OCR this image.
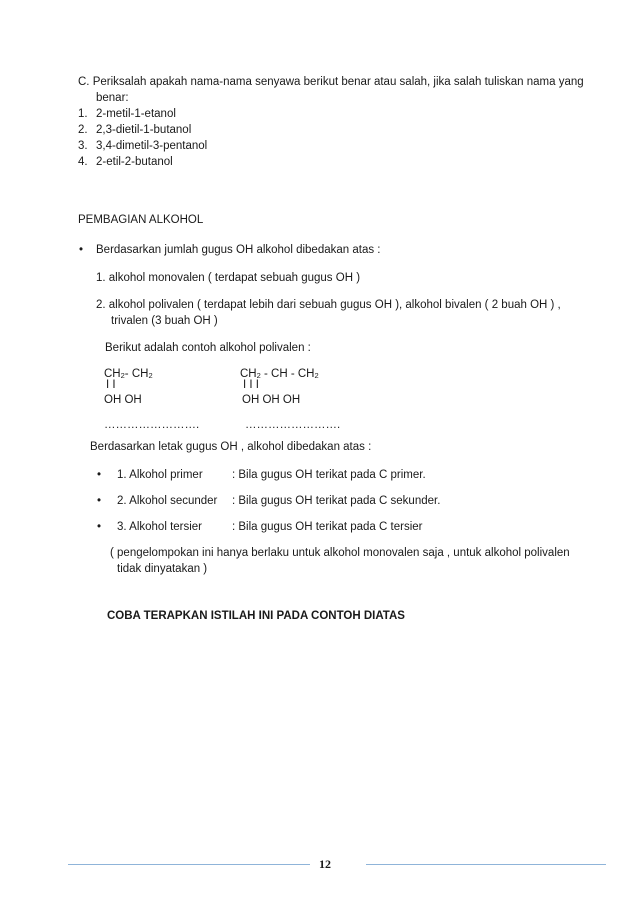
C. Periksalah apakah nama-nama senyawa berikut benar atau salah, jika salah tuliskan nama yang
benar:
1. 2-metil-1-etanol
2. 2,3-dietil-1-butanol
3. 3,4-dimetil-3-pentanol
4. 2-etil-2-butanol
PEMBAGIAN ALKOHOL
• Berdasarkan jumlah gugus OH alkohol dibedakan atas :
1. alkohol monovalen ( terdapat sebuah gugus OH )
2. alkohol polivalen ( terdapat lebih dari sebuah gugus OH ), alkohol bivalen ( 2 buah OH ) ,
trivalen (3 buah OH )
Berikut adalah contoh alkohol polivalen :
CH2- CH2
I I
OH OH
…………………….
CH2 - CH - CH2
I I I
OH OH OH
…………………….
Berdasarkan letak gugus OH , alkohol dibedakan atas :
• 1. Alkohol primer	: Bila gugus OH terikat pada C primer.
• 2. Alkohol secunder : Bila gugus OH terikat pada C sekunder.
• 3. Alkohol tersier	: Bila gugus OH terikat pada C tersier
( pengelompokan ini hanya berlaku untuk alkohol monovalen saja , untuk alkohol polivalen
tidak dinyatakan )
COBA TERAPKAN ISTILAH INI PADA CONTOH DIATAS
12
